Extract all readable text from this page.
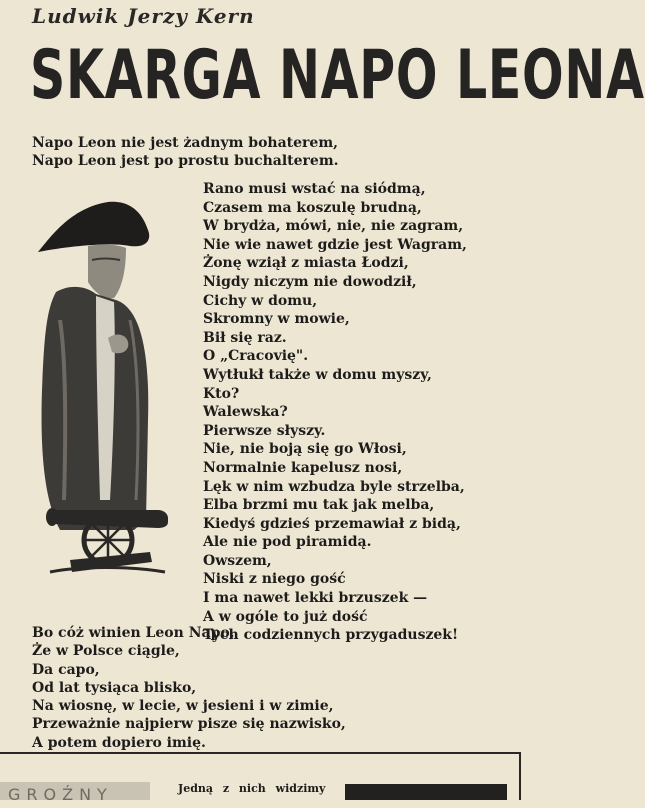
Ludwik Jerzy Kern
SKARGA NAPO LEONA
Napo Leon nie jest żadnym bohaterem,
Napo Leon jest po prostu buchalterem.
Rano musi wstać na siódmą,
Czasem ma koszulę brudną,
W brydża, mówi, nie, nie zagram,
Nie wie nawet gdzie jest Wagram,
Żonę wziął z miasta Łodzi,
Nigdy niczym nie dowodził,
Cichy w domu,
Skromny w mowie,
Bił się raz.
O „Cracovię".
Wytłukł także w domu myszy,
Kto?
Walewska?
Pierwsze słyszy.
Nie, nie boją się go Włosi,
Normalnie kapelusz nosi,
Lęk w nim wzbudza byle strzelba,
Elba brzmi mu tak jak melba,
Kiedyś gdzieś przemawiał z bidą,
Ale nie pod piramidą.
Owszem,
Niski z niego gość
I ma nawet lekki brzuszek —
A w ogóle to już dość
Tych codziennych przygaduszek!
Bo cóż winien Leon Napo,
Że w Polsce ciągle,
Da capo,
Od lat tysiąca blisko,
Na wiosnę, w lecie, w jesieni i w zimie,
Przeważnie najpierw pisze się nazwisko,
A potem dopiero imię.
GROŹNY	Jedną z nich widzimy
